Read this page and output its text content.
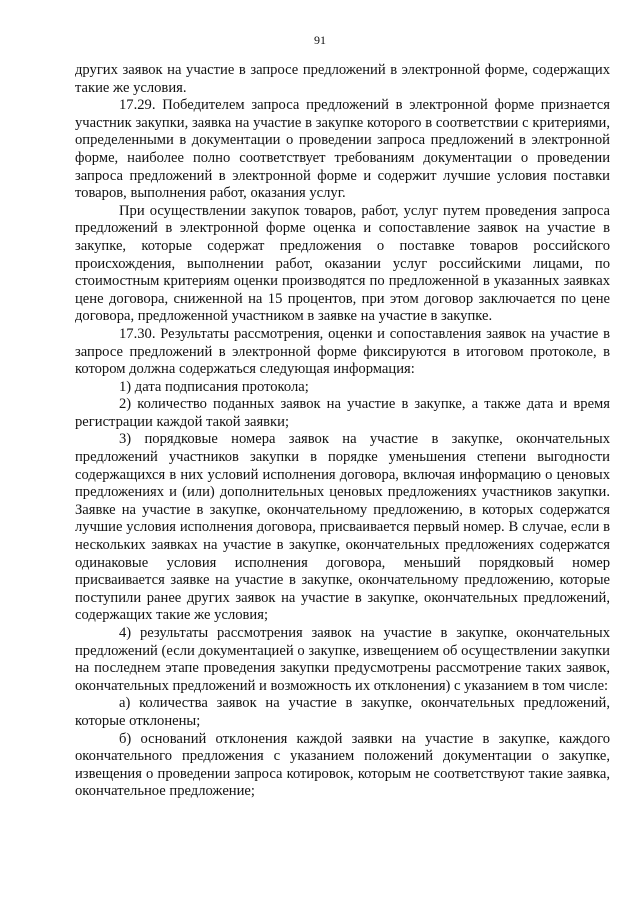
91

других заявок на участие в запросе предложений в электронной форме, содержащих такие же условия.

17.29. Победителем запроса предложений в электронной форме признается участник закупки, заявка на участие в закупке которого в соответствии с критериями, определенными в документации о проведении запроса предложений в электронной форме, наиболее полно соответствует требованиям документации о проведении запроса предложений в электронной форме и содержит лучшие условия поставки товаров, выполнения работ, оказания услуг.

При осуществлении закупок товаров, работ, услуг путем проведения запроса предложений в электронной форме оценка и сопоставление заявок на участие в закупке, которые содержат предложения о поставке товаров российского происхождения, выполнении работ, оказании услуг российскими лицами, по стоимостным критериям оценки производятся по предложенной в указанных заявках цене договора, сниженной на 15 процентов, при этом договор заключается по цене договора, предложенной участником в заявке на участие в закупке.

17.30. Результаты рассмотрения, оценки и сопоставления заявок на участие в запросе предложений в электронной форме фиксируются в итоговом протоколе, в котором должна содержаться следующая информация:

1) дата подписания протокола;

2) количество поданных заявок на участие в закупке, а также дата и время регистрации каждой такой заявки;

3) порядковые номера заявок на участие в закупке, окончательных предложений участников закупки в порядке уменьшения степени выгодности содержащихся в них условий исполнения договора, включая информацию о ценовых предложениях и (или) дополнительных ценовых предложениях участников закупки. Заявке на участие в закупке, окончательному предложению, в которых содержатся лучшие условия исполнения договора, присваивается первый номер. В случае, если в нескольких заявках на участие в закупке, окончательных предложениях содержатся одинаковые условия исполнения договора, меньший порядковый номер присваивается заявке на участие в закупке, окончательному предложению, которые поступили ранее других заявок на участие в закупке, окончательных предложений, содержащих такие же условия;

4) результаты рассмотрения заявок на участие в закупке, окончательных предложений (если документацией о закупке, извещением об осуществлении закупки на последнем этапе проведения закупки предусмотрены рассмотрение таких заявок, окончательных предложений и возможность их отклонения) с указанием в том числе:

а) количества заявок на участие в закупке, окончательных предложений, которые отклонены;

б) оснований отклонения каждой заявки на участие в закупке, каждого окончательного предложения с указанием положений документации о закупке, извещения о проведении запроса котировок, которым не соответствуют такие заявка, окончательное предложение;
